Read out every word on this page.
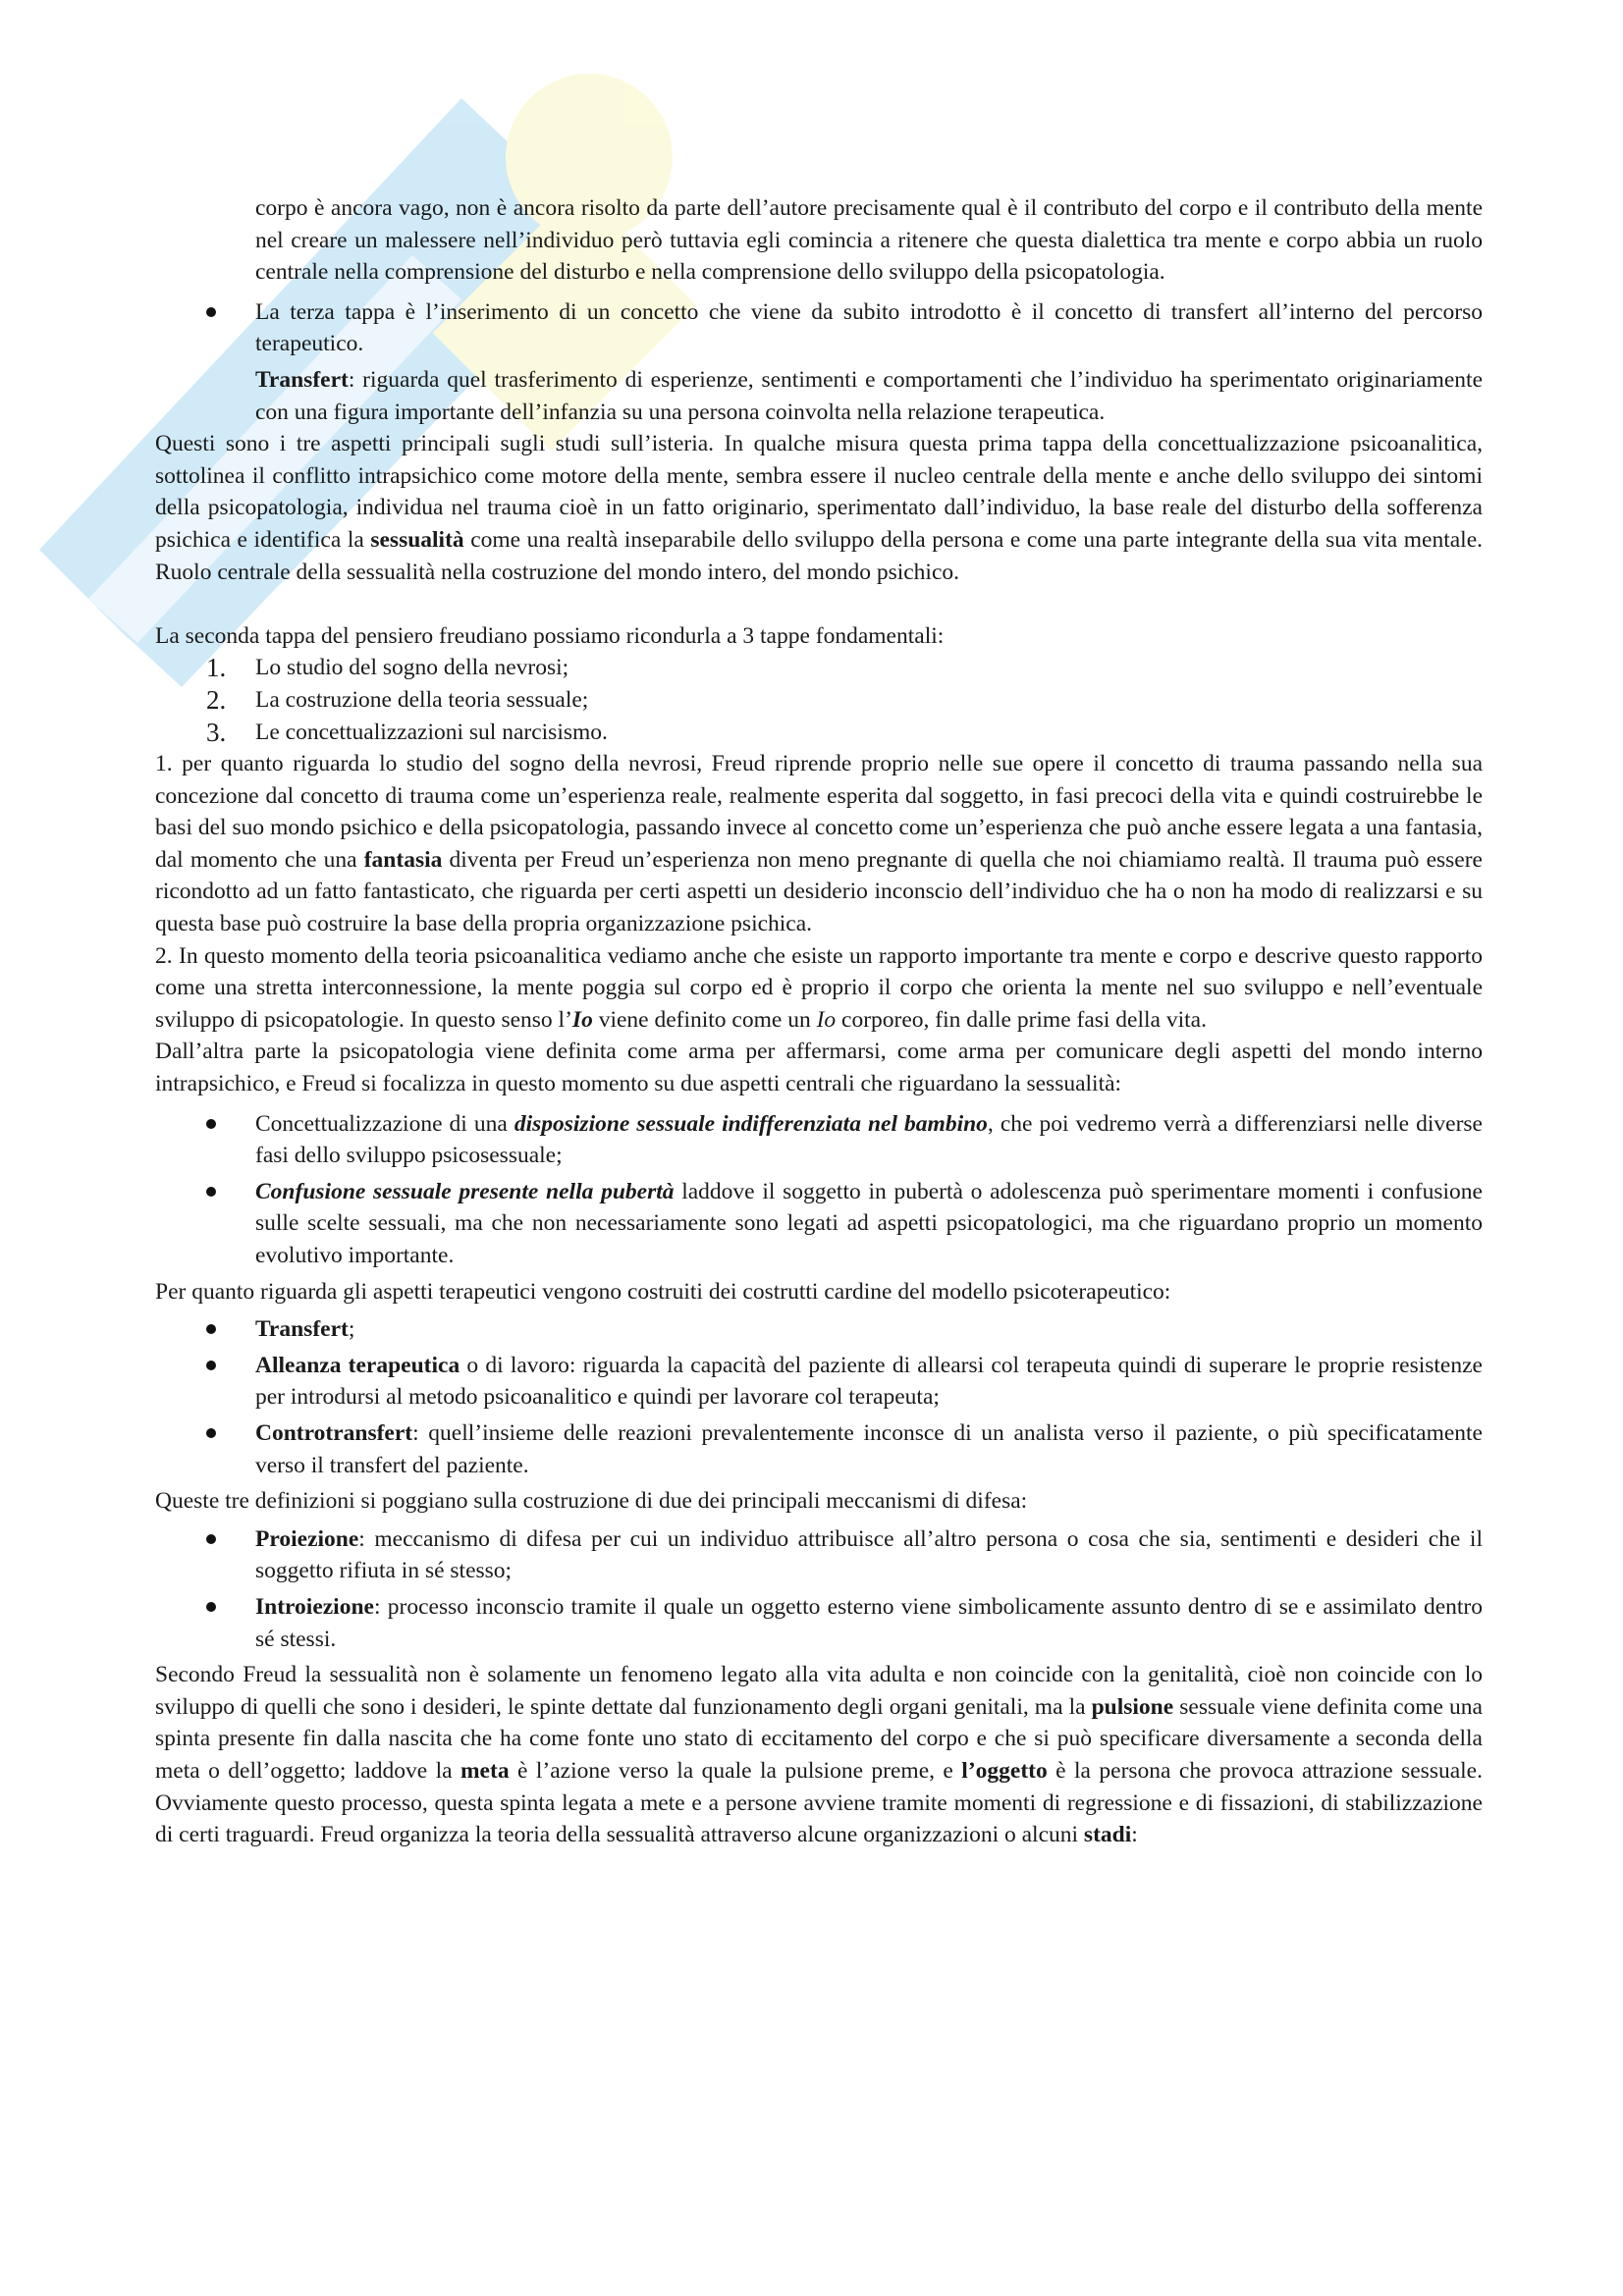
corpo è ancora vago, non è ancora risolto da parte dell’autore precisamente qual è il contributo del corpo e il contributo della mente nel creare un malessere nell’individuo però tuttavia egli comincia a ritenere che questa dialettica tra mente e corpo abbia un ruolo centrale nella comprensione del disturbo e nella comprensione dello sviluppo della psicopatologia.

La terza tappa è l’inserimento di un concetto che viene da subito introdotto è il concetto di transfert all’interno del percorso terapeutico.

Transfert: riguarda quel trasferimento di esperienze, sentimenti e comportamenti che l’individuo ha sperimentato originariamente con una figura importante dell’infanzia su una persona coinvolta nella relazione terapeutica.

Questi sono i tre aspetti principali sugli studi sull’isteria. In qualche misura questa prima tappa della concettualizzazione psicoanalitica, sottolinea il conflitto intrapsichico come motore della mente, sembra essere il nucleo centrale della mente e anche dello sviluppo dei sintomi della psicopatologia, individua nel trauma cioè in un fatto originario, sperimentato dall’individuo, la base reale del disturbo della sofferenza psichica e identifica la sessualità come una realtà inseparabile dello sviluppo della persona e come una parte integrante della sua vita mentale. Ruolo centrale della sessualità nella costruzione del mondo intero, del mondo psichico.

La seconda tappa del pensiero freudiano possiamo ricondurla a 3 tappe fondamentali:

1.	Lo studio del sogno della nevrosi;
2.	La costruzione della teoria sessuale;
3.	Le concettualizzazioni sul narcisismo.

1. per quanto riguarda lo studio del sogno della nevrosi, Freud riprende proprio nelle sue opere il concetto di trauma passando nella sua concezione dal concetto di trauma come un’esperienza reale, realmente esperita dal soggetto, in fasi precoci della vita e quindi costruirebbe le basi del suo mondo psichico e della psicopatologia, passando invece al concetto come un’esperienza che può anche essere legata a una fantasia, dal momento che una fantasia diventa per Freud un’esperienza non meno pregnante di quella che noi chiamiamo realtà. Il trauma può essere ricondotto ad un fatto fantasticato, che riguarda per certi aspetti un desiderio inconscio dell’individuo che ha o non ha modo di realizzarsi e su questa base può costruire la base della propria organizzazione psichica.

2. In questo momento della teoria psicoanalitica vediamo anche che esiste un rapporto importante tra mente e corpo e descrive questo rapporto come una stretta interconnessione, la mente poggia sul corpo ed è proprio il corpo che orienta la mente nel suo sviluppo e nell’eventuale sviluppo di psicopatologie. In questo senso l’Io viene definito come un Io corporeo, fin dalle prime fasi della vita.

Dall’altra parte la psicopatologia viene definita come arma per affermarsi, come arma per comunicare degli aspetti del mondo interno intrapsichico, e Freud si focalizza in questo momento su due aspetti centrali che riguardano la sessualità:

Concettualizzazione di una disposizione sessuale indifferenziata nel bambino, che poi vedremo verrà a differenziarsi nelle diverse fasi dello sviluppo psicosessuale;
Confusione sessuale presente nella pubertà laddove il soggetto in pubertà o adolescenza può sperimentare momenti i confusione sulle scelte sessuali, ma che non necessariamente sono legati ad aspetti psicopatologici, ma che riguardano proprio un momento evolutivo importante.

Per quanto riguarda gli aspetti terapeutici vengono costruiti dei costrutti cardine del modello psicoterapeutico:

Transfert;
Alleanza terapeutica o di lavoro: riguarda la capacità del paziente di allearsi col terapeuta quindi di superare le proprie resistenze per introdursi al metodo psicoanalitico e quindi per lavorare col terapeuta;
Controtransfert: quell’insieme delle reazioni prevalentemente inconsce di un analista verso il paziente, o più specificatamente verso il transfert del paziente.

Queste tre definizioni si poggiano sulla costruzione di due dei principali meccanismi di difesa:

Proiezione: meccanismo di difesa per cui un individuo attribuisce all’altro persona o cosa che sia, sentimenti e desideri che il soggetto rifiuta in sé stesso;
Introiezione: processo inconscio tramite il quale un oggetto esterno viene simbolicamente assunto dentro di se e assimilato dentro sé stessi.

Secondo Freud la sessualità non è solamente un fenomeno legato alla vita adulta e non coincide con la genitalità, cioè non coincide con lo sviluppo di quelli che sono i desideri, le spinte dettate dal funzionamento degli organi genitali, ma la pulsione sessuale viene definita come una spinta presente fin dalla nascita che ha come fonte uno stato di eccitamento del corpo e che si può specificare diversamente a seconda della meta o dell’oggetto; laddove la meta è l’azione verso la quale la pulsione preme, e l’oggetto è la persona che provoca attrazione sessuale. Ovviamente questo processo, questa spinta legata a mete e a persone avviene tramite momenti di regressione e di fissazioni, di stabilizzazione di certi traguardi. Freud organizza la teoria della sessualità attraverso alcune organizzazioni o alcuni stadi:
